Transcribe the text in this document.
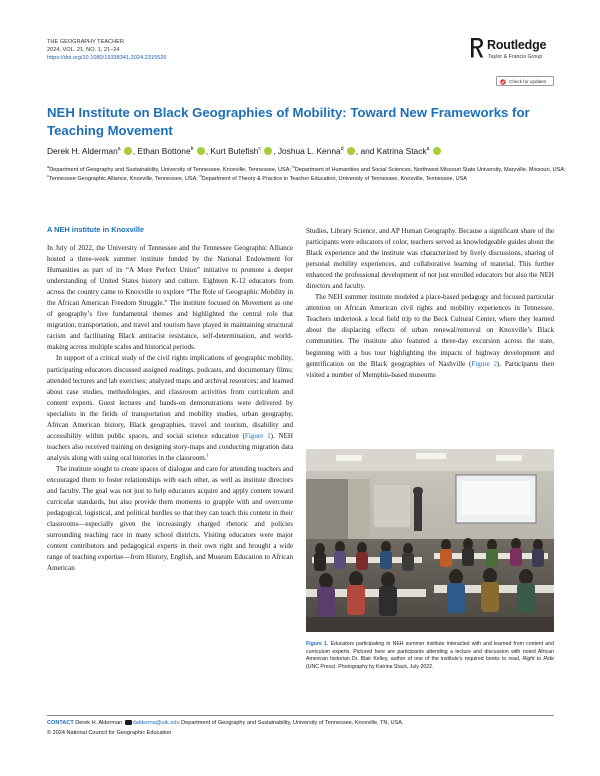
THE GEOGRAPHY TEACHER
2024, VOL. 21, NO. 1, 21–24
https://doi.org/10.1080/19338341.2024.2315526
Routledge
Taylor & Francis Group
Check for updates
NEH Institute on Black Geographies of Mobility: Toward New Frameworks for Teaching Movement
Derek H. Alderman$^a$ , Ethan Bottone$^b$ , Kurt Butefish$^c$ , Joshua L. Kenna$^d$ , and Katrina Stack$^a$
$^a$Department of Geography and Sustainability, University of Tennessee, Knoxville, Tennessee, USA; $^b$Department of Humanities and Social Sciences, Northwest Missouri State University, Maryville, Missouri, USA; $^c$Tennessee Geographic Alliance, Knoxville, Tennessee, USA; $^d$Department of Theory & Practice in Teacher Education, University of Tennessee, Knoxville, Tennessee, USA
A NEH institute in Knoxville

In July of 2022, the University of Tennessee and the Tennessee Geographic Alliance hosted a three-week summer institute funded by the National Endowment for Humanities as part of its “A More Perfect Union” initiative to promote a deeper understanding of United States history and culture. Eighteen K-12 educators from across the country came to Knoxville to explore “The Role of Geographic Mobility in the African American Freedom Struggle.” The institute focused on Movement as one of geography’s five fundamental themes and highlighted the central role that migration, transportation, and travel and tourism have played in maintaining structural racism and facilitating Black antiracist resistance, self-determination, and world-making across multiple scales and historical periods.

In support of a critical study of the civil rights implications of geographic mobility, participating educators discussed assigned readings, podcasts, and documentary films; attended lectures and lab exercises; analyzed maps and archival resources; and learned about case studies, methodologies, and classroom activities from curriculum and content experts. Guest lectures and hands-on demonstrations were delivered by specialists in the fields of transportation and mobility studies, urban geography, African American history, Black geographies, travel and tourism, disability and accessibility within public spaces, and social science education (Figure 1). NEH teachers also received training on designing story-maps and conducting migration data analysis along with using oral histories in the classroom.$^1$

The institute sought to create spaces of dialogue and care for attending teachers and encouraged them to foster relationships with each other, as well as institute directors and faculty. The goal was not just to help educators acquire and apply content toward curricular standards, but also provide them moments to grapple with and overcome pedagogical, logistical, and political hurdles so that they can teach this content in their classrooms—especially given the increasingly charged rhetoric and policies surrounding teaching race in many school districts. Visiting educators were major content contributors and pedagogical experts in their own right and brought a wide range of teaching expertise—from History, English, and Museum Education to African American

Studies, Library Science, and AP Human Geography. Because a significant share of the participants were educators of color, teachers served as knowledgeable guides about the Black experience and the institute was characterized by lively discussions, sharing of personal mobility experiences, and collaborative learning of material. This further enhanced the professional development of not just enrolled educators but also the NEH directors and faculty.

The NEH summer institute modeled a place-based pedagogy and focused particular attention on African American civil rights and mobility experiences in Tennessee. Teachers undertook a local field trip to the Beck Cultural Center, where they learned about the displacing effects of urban renewal/removal on Knoxville’s Black communities. The institute also featured a three-day excursion across the state, beginning with a bus tour highlighting the impacts of highway development and gentrification on the Black geographies of Nashville (Figure 2). Participants then visited a number of Memphis-based museums

Figure 1. Educators participating in NEH summer institute interacted with and learned from content and curriculum experts. Pictured here are participants attending a lecture and discussion with noted African American historian Dr. Blair Kelley, author of one of the institute’s required books to read, Right to Ride (UNC Press). Photography by Katrina Stack, July 2022.
CONTACT Derek H. Alderman dalderma@utk.edu Department of Geography and Sustainability, University of Tennessee, Knoxville, TN, USA.
© 2024 National Council for Geographic Education
